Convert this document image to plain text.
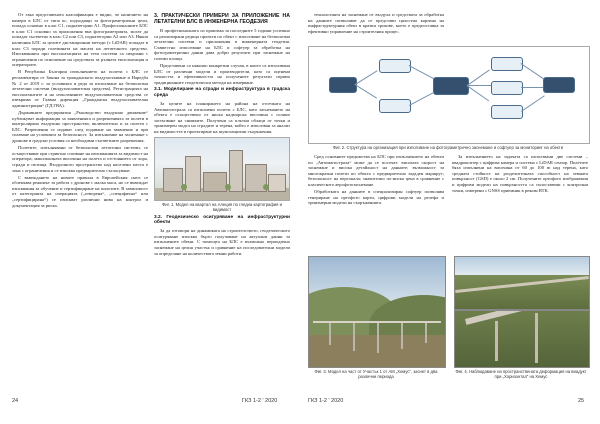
От така представената класификация е видно, че наличието на камери в БЛС от типа кс, подходящи за фотограметрични цели, попада основно в клас С1, подкатегории А1. Професионалните БЛС в клас С1 основно за приложения във фотограметрията, могат да попадат съответно в клас С2 или С3, подкатегории А2 или А3. Някои наличния БЛС за целите дистанционни методи (с LiDAR) попадат в клас С3 поради големината на масата на летателното средство. Изискванията при експлоатацията на тези системи са свързани с ограничения по отношение на средствата за ръчната експлоатация и операторите.

В Република България изпълнението на полети с БЛС се регламентира от Закона за гражданското въздухоплаване и Наредба № 2 от 2019 г. за условията и реда за използване на безпилотни летателни системи (въздухоплавателни средства). Регистрацията на експлоатантите и на използваните въздухоплавателни средства се извършва от Главна дирекция „Гражданска въздухоплавателна администрация“ (ГД ГВА).

Държавните предприятия „Ръководство въздушно движение“ публикуват информация за заявленията и разрешенията за полети в контролирано въздушно пространство, включително и за полети с БЛС. Разрешения се издават след подаване на заявление и при спазване на условията за безопасност. За изпълнение на заснемане с дронове в градски условия са необходими съответните разрешения.

Полетите, изпълнявани от безпилотни летателни системи, се осъществяват при стриктно спазване на изискванията за видимост на оператора, максималната височина на полета и отстоянието от хора, сгради и пътища. Въздушното пространство над населени места е зона с ограничения и се изисква предварително съгласуване.

С въвеждането на новите правила в Европейския съюз се облекчава режимът за работа с дронове с малка маса, но се въвеждат изисквания за обучение и сертифициране на пилотите. В зависимост от категорията на операцията („отворена“, „специфична“ или „сертифицирана“) се изискват различни нива на контрол и документация за риска.

3. ПРАКТИЧЕСКИ ПРИМЕРИ ЗА ПРИЛОЖЕНИЕ НА ЛЕТАТЕЛНИ БЛС В ИНЖЕНЕРНА ГЕОДЕЗИЯ

В професионалната си практика за последните 5 години успешно са реализирани редица проекти по обект с използване на безпилотни летателни системи и приложения в инженерната геодезия. Съвместно използване на БЛС и софтуер за обработка на фотограметрични данни дава добри резултати при заснемане на големи площи.

Представени са няколко конкретни случая, в които са използвани БЛС от различни модели и производители, като са оценени точността и ефективността на получените резултати спрямо традиционните геодезически методи на измерване.

3.1. Моделиране на сгради и инфраструктура в градска среда

За целите на планирането на района на отсечката на Автомагистрала са изпълнени полети с БЛС, като заснемането на обекта е осъществено от ниска надморска височина с голямо застъпване на снимките. Получени са плътни облаци от точки и триизмерен модел на сградите и терена, който е използван за анализ на видимостта и проектиране на шумозащитни съоръжения.

Фиг. 1. Модел на квартал на Алеция по гледна картография и видимост
3.2. Геодезическо осигуряване на инфраструктурни обекти

За да отговори на динамиката на строителството, геодезическото осигуряване изисква бързо получаване на актуални данни за изпълнените обеми. С помощта на БЛС е възможно периодично заснемане на целия участък и сравнение на последователни модели за определяне на количествата земни работи.

24	ГКЗ 1-2 ' 2020

технологията на заснемане от въздуха и средствата за обработка на данните позволяват да се представи цялостна картина на инфраструктурния обект в кратки срокове, което е предпоставка за ефективно управление на строителния процес.

Фиг. 2. Структура на организация при използване на фотограметрично заснемане и софтуер за мониторинг на обекти

Сред основните предимства на БЛС при изпълнението на обекти по „Автомагистрала“ може да се посочат: високата скорост на заснемане и висока детайлност на данните; възможност за многократни полети по обекта с предварително зададен маршрут; безопасност на персонала; значително по-ниска цена в сравнение с класическото аерофотозаснемане.

Обработката на данните в специализиран софтуер позволява генериране на ортофото карти, цифрови модели на релефа и триизмерни модели на съоръженията.

За изпълнението на задачата са използвани две системи – квадрокоптер с цифрова камера и система с LiDAR сензор. Полетите бяха изпълнени на височина от 60 до 100 m над терена, като средната стойност на разделителната способност на земната повърхност (GSD) е около 2 cm. Получените ортофото изображения и цифрови модели на повърхността са съпоставени с контролни точки, измерени с GNSS приемник в режим RTK.

Фиг. 3. Модел на част от Участък 1 от АМ „Хемус“, заснет в два различни периода
Фиг. 4. Наблюдаване на пространствената деформация на виадукт при „Хоризонтал“ на Хемус
ГКЗ 1-2 ' 2020	25
